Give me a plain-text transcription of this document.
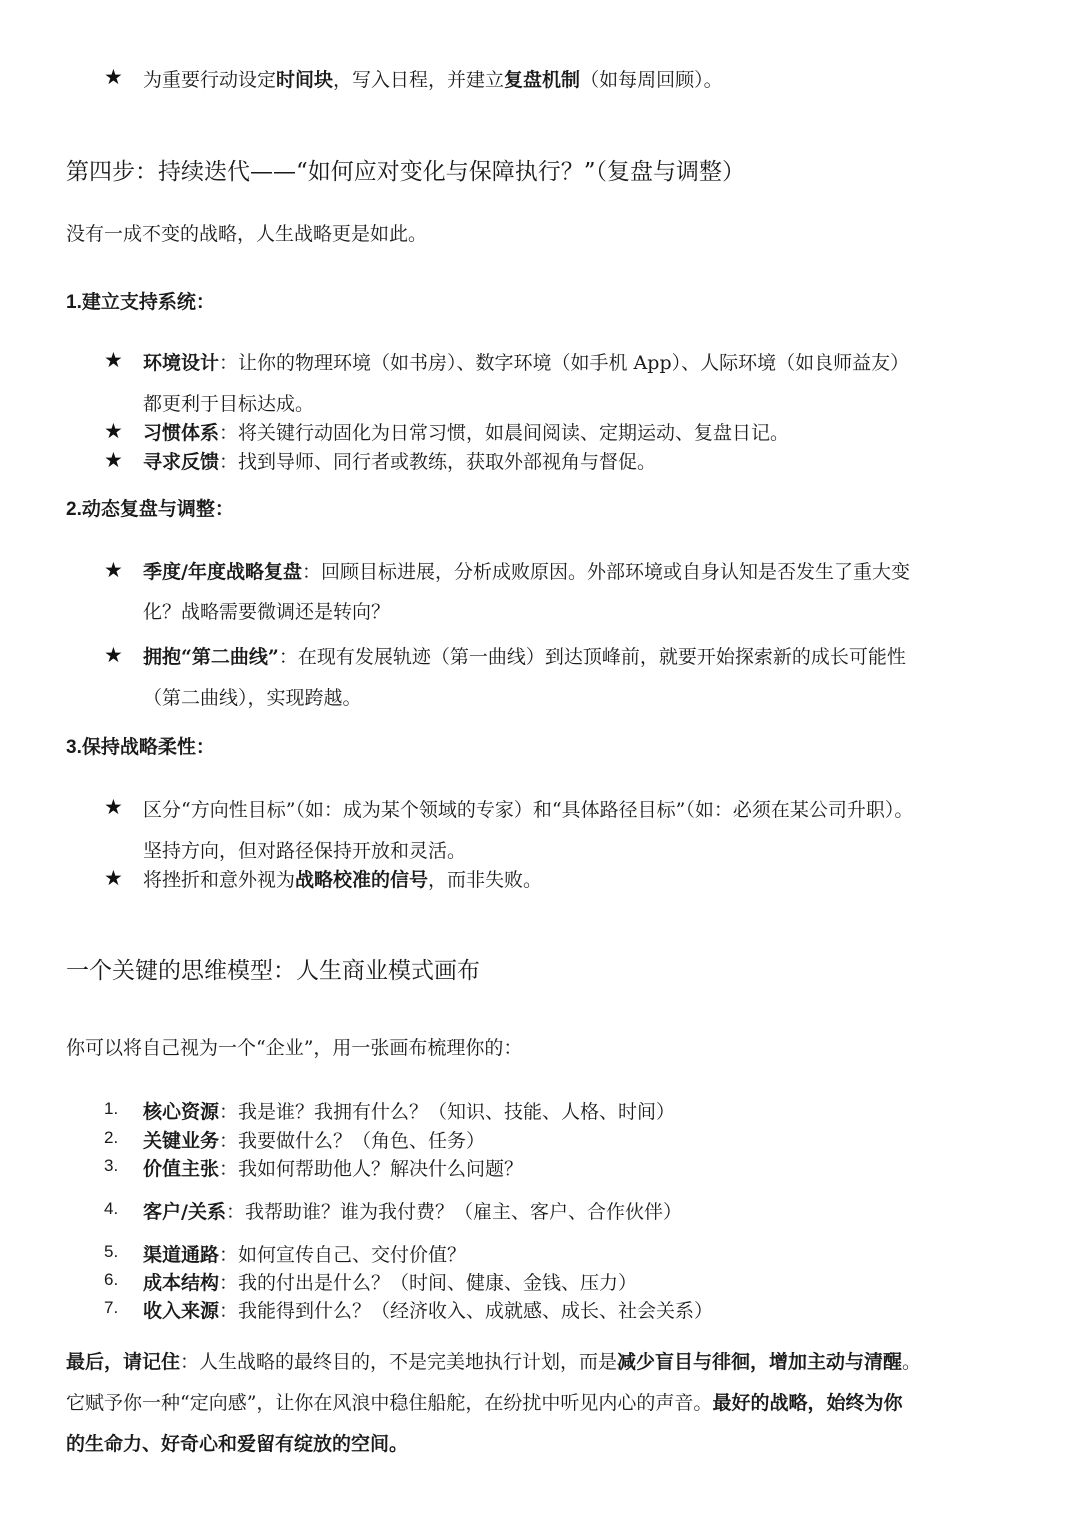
★ 为重要行动设定时间块，写入日程，并建立复盘机制（如每周回顾）。
第四步：持续迭代——“如何应对变化与保障执行？”（复盘与调整）
没有一成不变的战略，人生战略更是如此。
1.建立支持系统：
★ 环境设计：让你的物理环境（如书房）、数字环境（如手机 App）、人际环境（如良师益友）
都更利于目标达成。
★ 习惯体系：将关键行动固化为日常习惯，如晨间阅读、定期运动、复盘日记。
★ 寻求反馈：找到导师、同行者或教练，获取外部视角与督促。
2.动态复盘与调整：
★ 季度/年度战略复盘：回顾目标进展，分析成败原因。外部环境或自身认知是否发生了重大变
化？战略需要微调还是转向？
★ 拥抱“第二曲线”：在现有发展轨迹（第一曲线）到达顶峰前，就要开始探索新的成长可能性
（第二曲线），实现跨越。
3.保持战略柔性：
★ 区分“方向性目标”（如：成为某个领域的专家）和“具体路径目标”（如：必须在某公司升职）。
坚持方向，但对路径保持开放和灵活。
★ 将挫折和意外视为战略校准的信号，而非失败。
一个关键的思维模型：人生商业模式画布
你可以将自己视为一个“企业”，用一张画布梳理你的：
1. 核心资源：我是谁？我拥有什么？（知识、技能、人格、时间）
2. 关键业务：我要做什么？（角色、任务）
3. 价值主张：我如何帮助他人？解决什么问题？
4. 客户/关系：我帮助谁？谁为我付费？（雇主、客户、合作伙伴）
5. 渠道通路：如何宣传自己、交付价值？
6. 成本结构：我的付出是什么？（时间、健康、金钱、压力）
7. 收入来源：我能得到什么？（经济收入、成就感、成长、社会关系）
最后，请记住：人生战略的最终目的，不是完美地执行计划，而是减少盲目与徘徊，增加主动与清醒。
它赋予你一种“定向感”，让你在风浪中稳住船舵，在纷扰中听见内心的声音。最好的战略，始终为你
的生命力、好奇心和爱留有绽放的空间。
